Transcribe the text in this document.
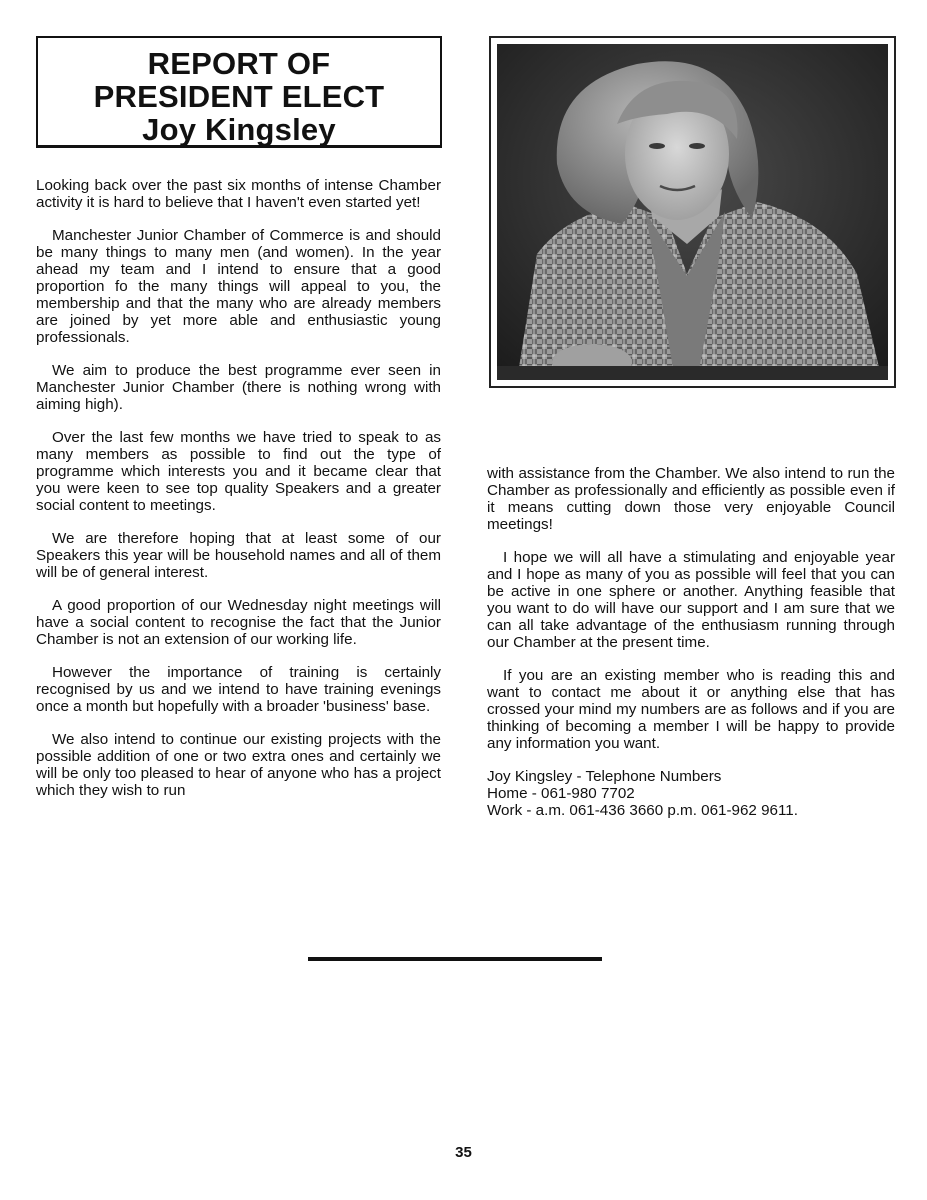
REPORT OF
PRESIDENT ELECT
Joy Kingsley

Looking back over the past six months of intense Chamber activity it is hard to believe that I haven't even started yet!

Manchester Junior Chamber of Commerce is and should be many things to many men (and women). In the year ahead my team and I intend to ensure that a good proportion fo the many things will appeal to you, the membership and that the many who are already members are joined by yet more able and enthusiastic young professionals.

We aim to produce the best programme ever seen in Manchester Junior Chamber (there is nothing wrong with aiming high).

Over the last few months we have tried to speak to as many members as possible to find out the type of programme which interests you and it became clear that you were keen to see top quality Speakers and a greater social content to meetings.

We are therefore hoping that at least some of our Speakers this year will be household names and all of them will be of general interest.

A good proportion of our Wednesday night meetings will have a social content to recognise the fact that the Junior Chamber is not an extension of our working life.

However the importance of training is certainly recognised by us and we intend to have training evenings once a month but hopefully with a broader 'business' base.

We also intend to continue our existing projects with the possible addition of one or two extra ones and certainly we will be only too pleased to hear of anyone who has a project which they wish to run

with assistance from the Chamber. We also intend to run the Chamber as professionally and efficiently as possible even if it means cutting down those very enjoyable Council meetings!

I hope we will all have a stimulating and enjoyable year and I hope as many of you as possible will feel that you can be active in one sphere or another. Anything feasible that you want to do will have our support and I am sure that we can all take advantage of the enthusiasm running through our Chamber at the present time.

If you are an existing member who is reading this and want to contact me about it or anything else that has crossed your mind my numbers are as follows and if you are thinking of becoming a member I will be happy to provide any information you want.

Joy Kingsley - Telephone Numbers
Home - 061-980 7702
Work - a.m. 061-436 3660 p.m. 061-962 9611.
35
